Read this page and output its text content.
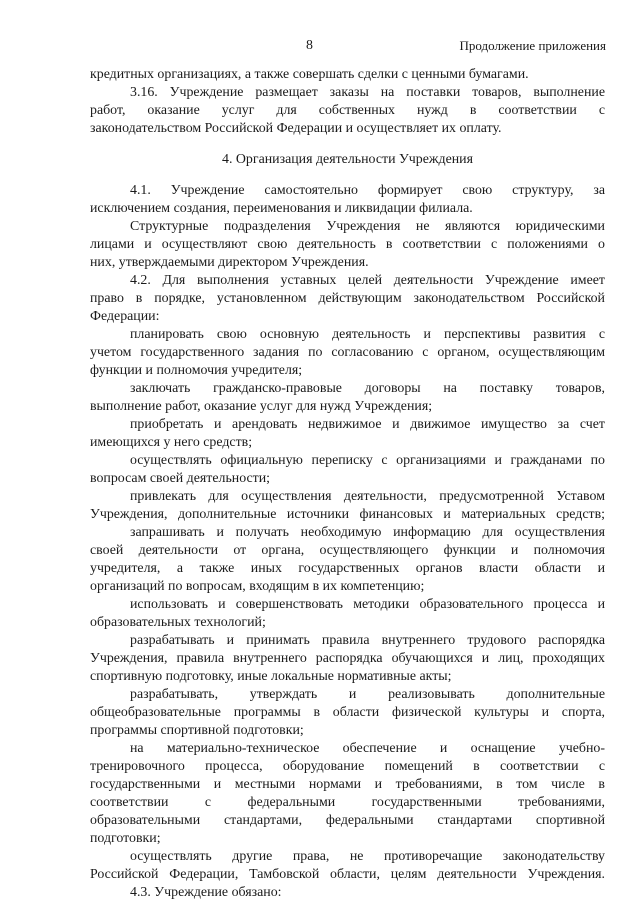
8	Продолжение приложения
кредитных организациях, а также совершать сделки с ценными бумагами.
3.16. Учреждение размещает заказы на поставки товаров, выполнение
работ, оказание услуг для собственных нужд в соответствии с
законодательством Российской Федерации и осуществляет их оплату.
4. Организация деятельности Учреждения
4.1. Учреждение самостоятельно формирует свою структуру, за
исключением создания, переименования и ликвидации филиала.
Структурные подразделения Учреждения не являются юридическими
лицами и осуществляют свою деятельность в соответствии с положениями о
них, утверждаемыми директором Учреждения.
4.2. Для выполнения уставных целей деятельности Учреждение имеет
право в порядке, установленном действующим законодательством Российской
Федерации:
планировать свою основную деятельность и перспективы развития с
учетом государственного задания по согласованию с органом, осуществляющим
функции и полномочия учредителя;
заключать гражданско-правовые договоры на поставку товаров,
выполнение работ, оказание услуг для нужд Учреждения;
приобретать и арендовать недвижимое и движимое имущество за счет
имеющихся у него средств;
осуществлять официальную переписку с организациями и гражданами по
вопросам своей деятельности;
привлекать для осуществления деятельности, предусмотренной Уставом
Учреждения, дополнительные источники финансовых и материальных средств;
запрашивать и получать необходимую информацию для осуществления
своей деятельности от органа, осуществляющего функции и полномочия
учредителя, а также иных государственных органов власти области и
организаций по вопросам, входящим в их компетенцию;
использовать и совершенствовать методики образовательного процесса и
образовательных технологий;
разрабатывать и принимать правила внутреннего трудового распорядка
Учреждения, правила внутреннего распорядка обучающихся и лиц, проходящих
спортивную подготовку, иные локальные нормативные акты;
разрабатывать, утверждать и реализовывать дополнительные
общеобразовательные программы в области физической культуры и спорта,
программы спортивной подготовки;
на материально-техническое обеспечение и оснащение учебно-
тренировочного процесса, оборудование помещений в соответствии с
государственными и местными нормами и требованиями, в том числе в
соответствии с федеральными государственными требованиями,
образовательными стандартами, федеральными стандартами спортивной
подготовки;
осуществлять другие права, не противоречащие законодательству
Российской Федерации, Тамбовской области, целям деятельности Учреждения.
4.3. Учреждение обязано:
